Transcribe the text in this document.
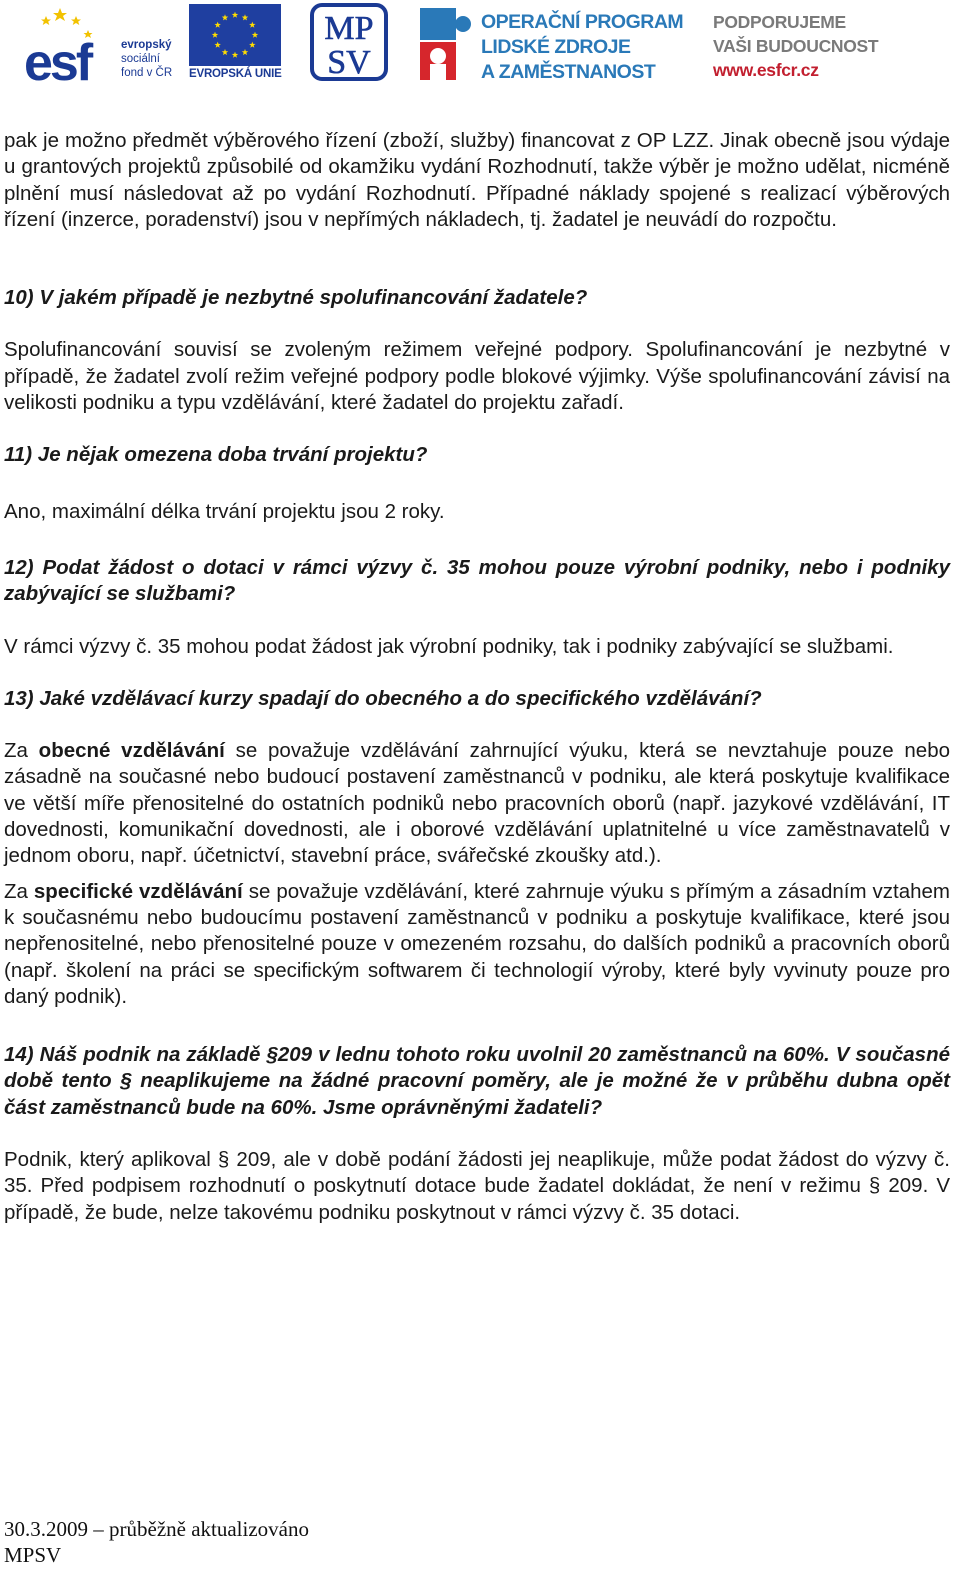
esf	evropský
sociální
fond v ČR EVROPSKÁ UNIE
MP
SV
OPERAČNÍ PROGRAM
LIDSKÉ ZDROJE
A ZAMĚSTNANOST
PODPORUJEME
VAŠI BUDOUCNOST
www.esfcr.cz

pak je možno předmět výběrového řízení (zboží, služby) financovat z OP LZZ. Jinak obecně jsou výdaje u grantových projektů způsobilé od okamžiku vydání Rozhodnutí, takže výběr je možno udělat, nicméně plnění musí následovat až po vydání Rozhodnutí. Případné náklady spojené s realizací výběrových řízení (inzerce, poradenství) jsou v nepřímých nákladech, tj. žadatel je neuvádí do rozpočtu.

10) V jakém případě je nezbytné spolufinancování žadatele?

Spolufinancování souvisí se zvoleným režimem veřejné podpory. Spolufinancování je nezbytné v případě, že žadatel zvolí režim veřejné podpory podle blokové výjimky. Výše spolufinancování závisí na velikosti podniku a typu vzdělávání, které žadatel do projektu zařadí.

11) Je nějak omezena doba trvání projektu?

Ano, maximální délka trvání projektu jsou 2 roky.

12) Podat žádost o dotaci v rámci výzvy č. 35 mohou pouze výrobní podniky, nebo i podniky zabývající se službami?

V rámci výzvy č. 35 mohou podat žádost jak výrobní podniky, tak i podniky zabývající se službami.

13) Jaké vzdělávací kurzy spadají do obecného a do specifického vzdělávání?

Za obecné vzdělávání se považuje vzdělávání zahrnující výuku, která se nevztahuje pouze nebo zásadně na současné nebo budoucí postavení zaměstnanců v podniku, ale která poskytuje kvalifikace ve větší míře přenositelné do ostatních podniků nebo pracovních oborů (např. jazykové vzdělávání, IT dovednosti, komunikační dovednosti, ale i oborové vzdělávání uplatnitelné u více zaměstnavatelů v jednom oboru, např. účetnictví, stavební práce, svářečské zkoušky atd.).

Za specifické vzdělávání se považuje vzdělávání, které zahrnuje výuku s přímým a zásadním vztahem k současnému nebo budoucímu postavení zaměstnanců v podniku a poskytuje kvalifikace, které jsou nepřenositelné, nebo přenositelné pouze v omezeném rozsahu, do dalších podniků a pracovních oborů (např. školení na práci se specifickým softwarem či technologií výroby, které byly vyvinuty pouze pro daný podnik).

14) Náš podnik na základě §209 v lednu tohoto roku uvolnil 20 zaměstnanců na 60%. V současné době tento § neaplikujeme na žádné pracovní poměry, ale je možné že v průběhu dubna opět část zaměstnanců bude na 60%. Jsme oprávněnými žadateli?

Podnik, který aplikoval § 209, ale v době podání žádosti jej neaplikuje, může podat žádost do výzvy č. 35. Před podpisem rozhodnutí o poskytnutí dotace bude žadatel dokládat, že není v režimu § 209. V případě, že bude, nelze takovému podniku poskytnout v rámci výzvy č. 35 dotaci.

30.3.2009 – průběžně aktualizováno
MPSV
